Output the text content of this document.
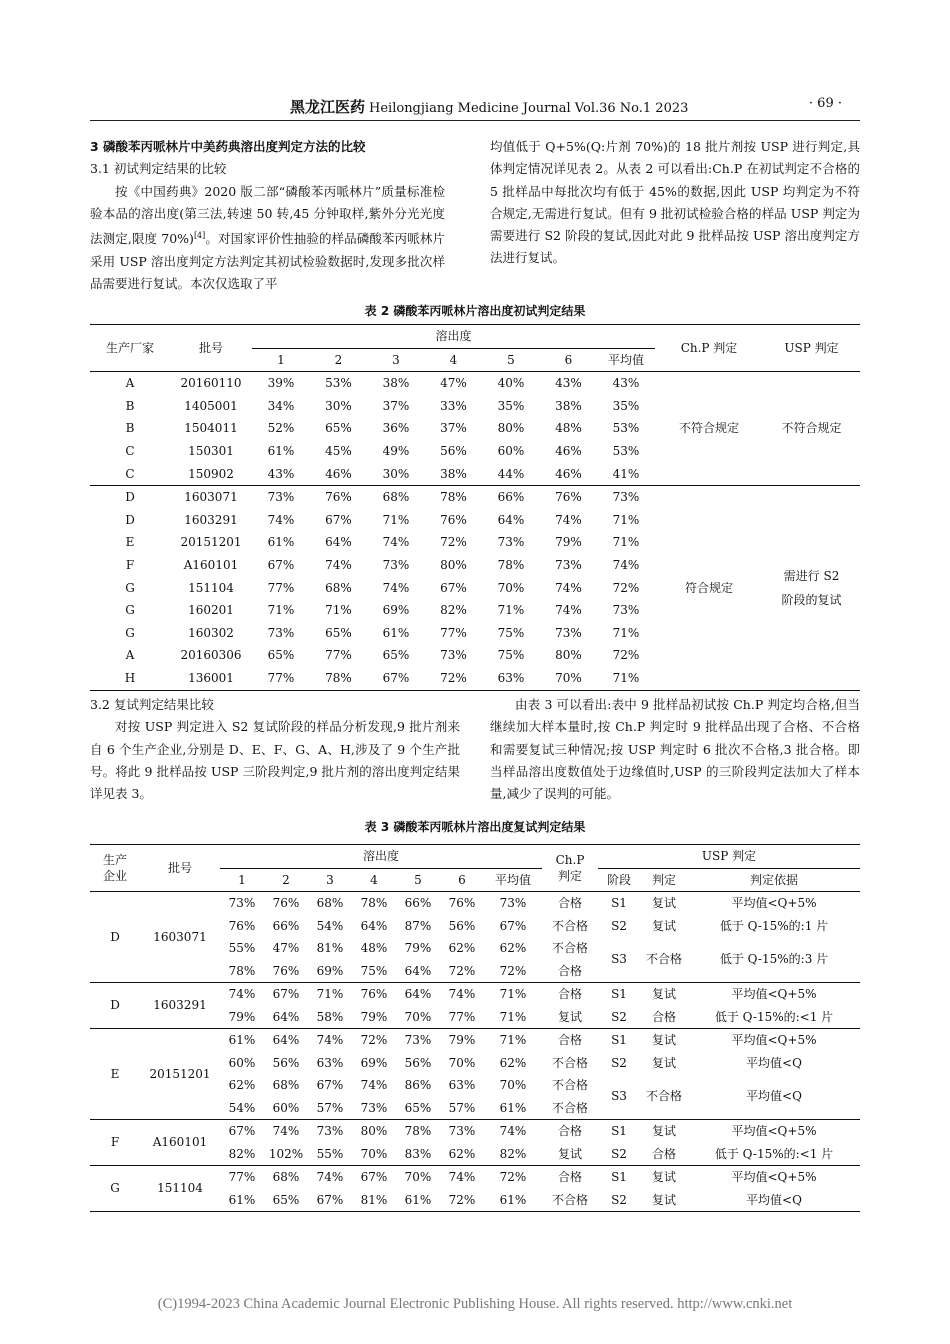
黑龙江医药 Heilongjiang Medicine Journal Vol.36 No.1 2023	· 69 ·

3 磷酸苯丙哌林片中美药典溶出度判定方法的比较

3.1 初试判定结果的比较

按《中国药典》2020 版二部“磷酸苯丙哌林片”质量标准检验本品的溶出度(第三法,转速 50 转,45 分钟取样,紫外分光光度法测定,限度 70%)[4]。对国家评价性抽验的样品磷酸苯丙哌林片采用 USP 溶出度判定方法判定其初试检验数据时,发现多批次样品需要进行复试。本次仅选取了平

均值低于 Q+5%(Q:片剂 70%)的 18 批片剂按 USP 进行判定,具体判定情况详见表 2。从表 2 可以看出:Ch.P 在初试判定不合格的 5 批样品中每批次均有低于 45%的数据,因此 USP 均判定为不符合规定,无需进行复试。但有 9 批初试检验合格的样品 USP 判定为需要进行 S2 阶段的复试,因此对此 9 批样品按 USP 溶出度判定方法进行复试。

表 2 磷酸苯丙哌林片溶出度初试判定结果
生产厂家	批号	溶出度							Ch.P 判定	USP 判定
		1	2	3	4	5	6	平均值		
A	20160110	39%	53%	38%	47%	40%	43%	43%	不符合规定	不符合规定
B	1405001	34%	30%	37%	33%	35%	38%	35%		
B	1504011	52%	65%	36%	37%	80%	48%	53%		
C	150301	61%	45%	49%	56%	60%	46%	53%		
C	150902	43%	46%	30%	38%	44%	46%	41%		
D	1603071	73%	76%	68%	78%	66%	76%	73%	符合规定	需进行 S2
阶段的复试
D	1603291	74%	67%	71%	76%	64%	74%	71%		
E	20151201	61%	64%	74%	72%	73%	79%	71%		
F	A160101	67%	74%	73%	80%	78%	73%	74%		
G	151104	77%	68%	74%	67%	70%	74%	72%		
G	160201	71%	71%	69%	82%	71%	74%	73%		
G	160302	73%	65%	61%	77%	75%	73%	71%		
A	20160306	65%	77%	65%	73%	75%	80%	72%		
H	136001	77%	78%	67%	72%	63%	70%	71%		

3.2 复试判定结果比较

对按 USP 判定进入 S2 复试阶段的样品分析发现,9 批片剂来自 6 个生产企业,分别是 D、E、F、G、A、H,涉及了 9 个生产批号。将此 9 批样品按 USP 三阶段判定,9 批片剂的溶出度判定结果详见表 3。

由表 3 可以看出:表中 9 批样品初试按 Ch.P 判定均合格,但当继续加大样本量时,按 Ch.P 判定时 9 批样品出现了合格、不合格和需要复试三种情况;按 USP 判定时 6 批次不合格,3 批合格。即当样品溶出度数值处于边缘值时,USP 的三阶段判定法加大了样本量,减少了误判的可能。

表 3 磷酸苯丙哌林片溶出度复试判定结果
生产
企业	批号	溶出度							Ch.P
判定	USP 判定		
		1	2	3	4	5	6	平均值		阶段	判定	判定依据
D	1603071	73%	76%	68%	78%	66%	76%	73%	合格	S1	复试	平均值<Q+5%
		76%	66%	54%	64%	87%	56%	67%	不合格	S2	复试	低于 Q-15%的:1 片
		55%	47%	81%	48%	79%	62%	62%	不合格	S3	不合格	低于 Q-15%的:3 片
		78%	76%	69%	75%	64%	72%	72%	合格			
D	1603291	74%	67%	71%	76%	64%	74%	71%	合格	S1	复试	平均值<Q+5%
		79%	64%	58%	79%	70%	77%	71%	复试	S2	合格	低于 Q-15%的:<1 片
E	20151201	61%	64%	74%	72%	73%	79%	71%	合格	S1	复试	平均值<Q+5%
		60%	56%	63%	69%	56%	70%	62%	不合格	S2	复试	平均值<Q
		62%	68%	67%	74%	86%	63%	70%	不合格	S3	不合格	平均值<Q
		54%	60%	57%	73%	65%	57%	61%	不合格			
F	A160101	67%	74%	73%	80%	78%	73%	74%	合格	S1	复试	平均值<Q+5%
		82%	102%	55%	70%	83%	62%	82%	复试	S2	合格	低于 Q-15%的:<1 片
G	151104	77%	68%	74%	67%	70%	74%	72%	合格	S1	复试	平均值<Q+5%
		61%	65%	67%	81%	61%	72%	61%	不合格	S2	复试	平均值<Q
(C)1994-2023 China Academic Journal Electronic Publishing House. All rights reserved. http://www.cnki.net
